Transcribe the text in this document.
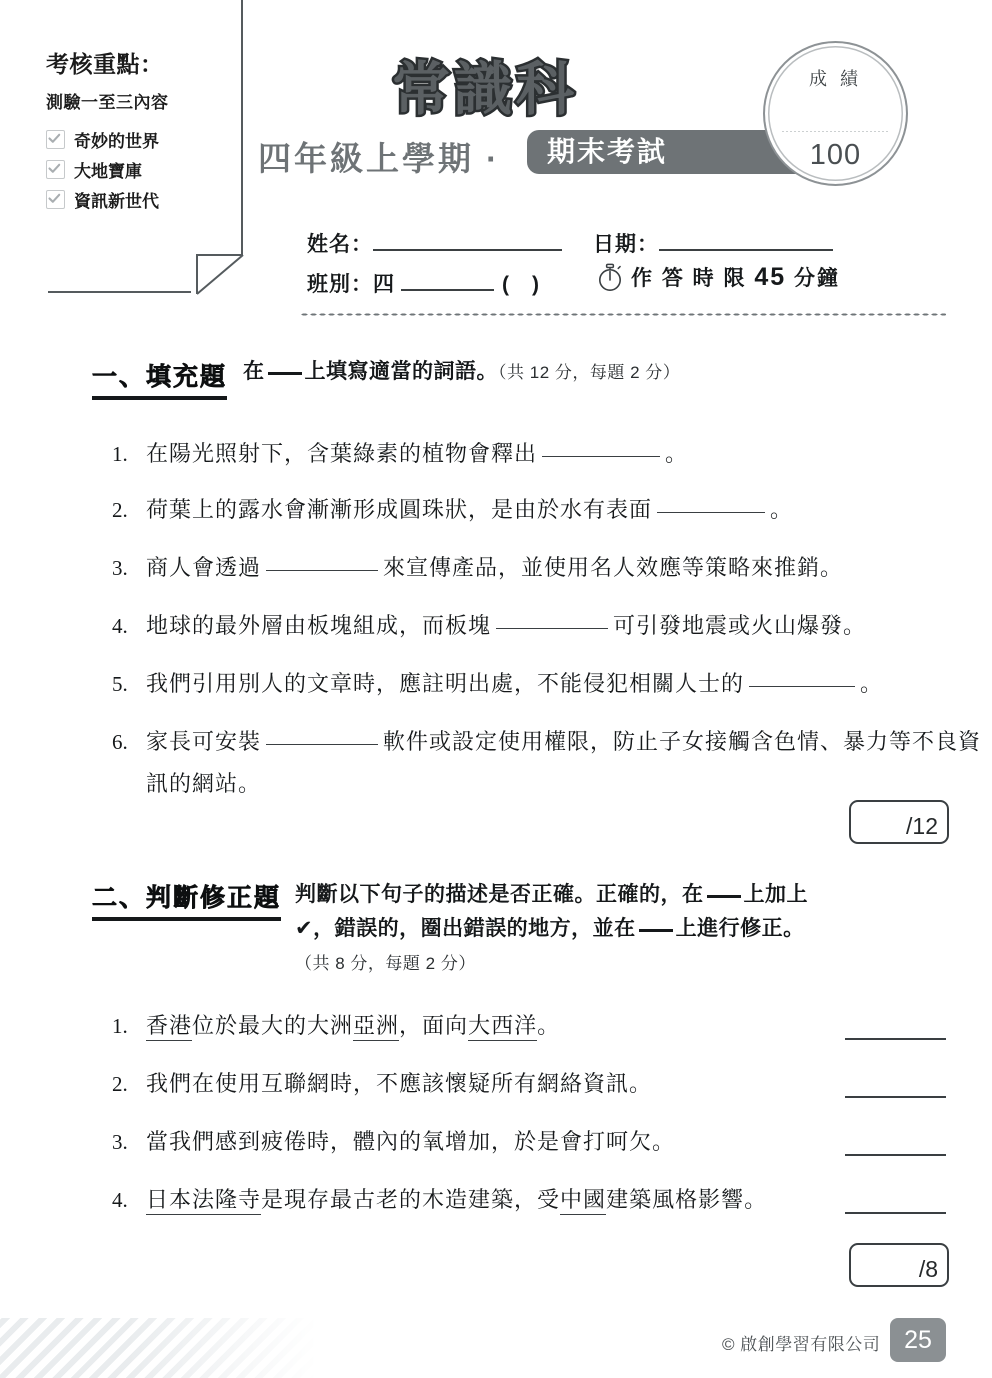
考核重點：
測驗一至三內容
奇妙的世界
大地寶庫
資訊新世代
常識科
四年級上學期 ·	期末考試
成 績
100
姓名：	日期：
班別： 四	( )	作 答 時 限 45 分鐘
一、填充題 在 上填寫適當的詞語。（共 12 分，每題 2 分）
1. 在陽光照射下，含葉綠素的植物會釋出	。
2. 荷葉上的露水會漸漸形成圓珠狀，是由於水有表面	。
3. 商人會透過	來宣傳產品，並使用名人效應等策略來推銷。
4. 地球的最外層由板塊組成，而板塊	可引發地震或火山爆發。
5. 我們引用別人的文章時，應註明出處，不能侵犯相關人士的	。
6. 家長可安裝	軟件或設定使用權限，防止子女接觸含色情、暴力等不良資訊的網站。
/12
二、判斷修正題 判斷以下句子的描述是否正確。正確的，在 上加上
✔，錯誤的，圈出錯誤的地方，並在 上進行修正。
（共 8 分，每題 2 分）
1. 香港位於最大的大洲亞洲，面向大西洋。
2. 我們在使用互聯網時，不應該懷疑所有網絡資訊。
3. 當我們感到疲倦時，體內的氧增加，於是會打呵欠。
4. 日本法隆寺是現存最古老的木造建築，受中國建築風格影響。
/8
© 啟創學習有限公司 25
